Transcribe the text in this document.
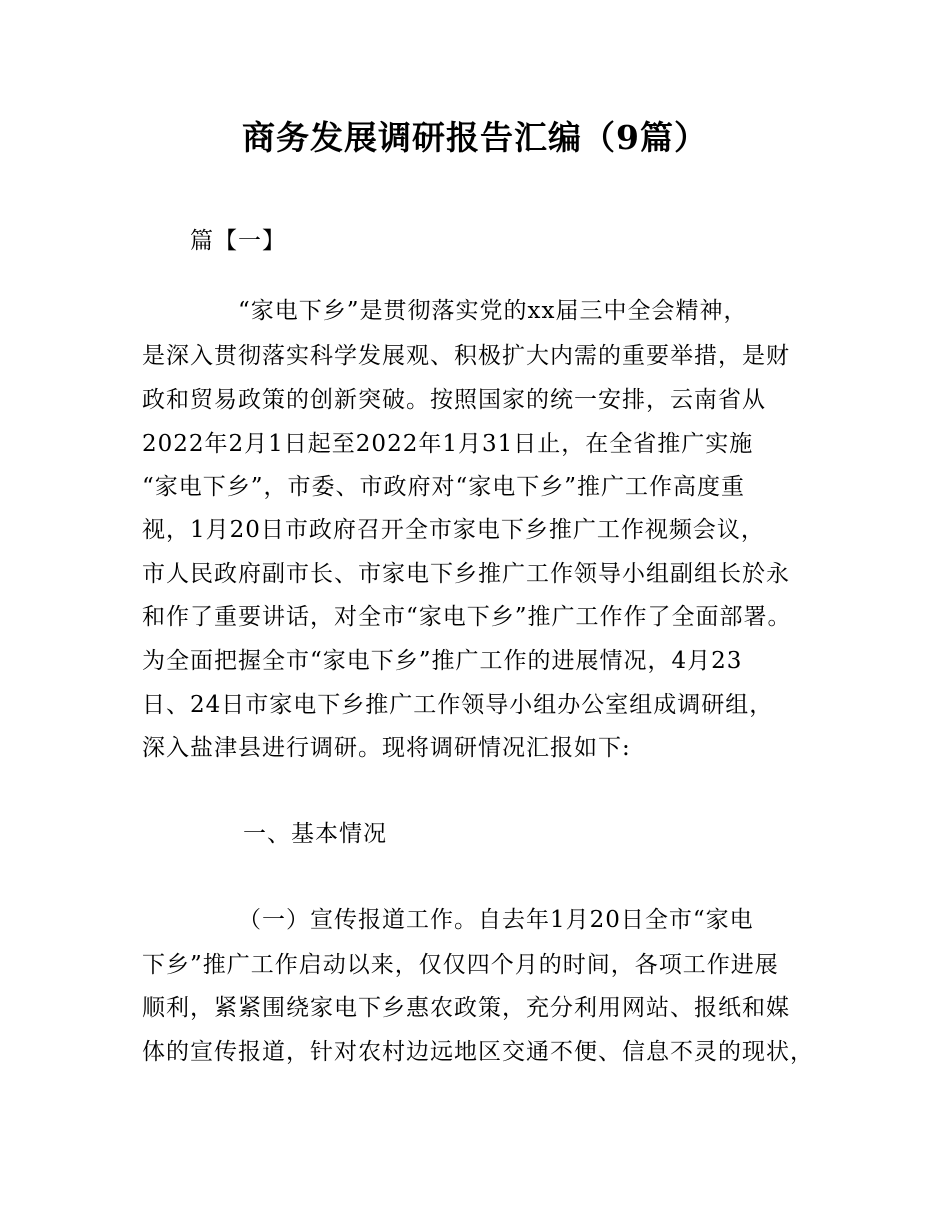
商务发展调研报告汇编（9篇）
篇【一】
“家电下乡”是贯彻落实党的xx届三中全会精神，
是深入贯彻落实科学发展观、积极扩大内需的重要举措，是财
政和贸易政策的创新突破。按照国家的统一安排，云南省从
2022年2月1日起至2022年1月31日止，在全省推广实施
“家电下乡”，市委、市政府对“家电下乡”推广工作高度重
视，1月20日市政府召开全市家电下乡推广工作视频会议，
市人民政府副市长、市家电下乡推广工作领导小组副组长於永
和作了重要讲话，对全市“家电下乡”推广工作作了全面部署。
为全面把握全市“家电下乡”推广工作的进展情况，4月23
日、24日市家电下乡推广工作领导小组办公室组成调研组，
深入盐津县进行调研。现将调研情况汇报如下:
一、基本情况
（一）宣传报道工作。自去年1月20日全市“家电
下乡”推广工作启动以来，仅仅四个月的时间，各项工作进展
顺利，紧紧围绕家电下乡惠农政策，充分利用网站、报纸和媒
体的宣传报道，针对农村边远地区交通不便、信息不灵的现状，
